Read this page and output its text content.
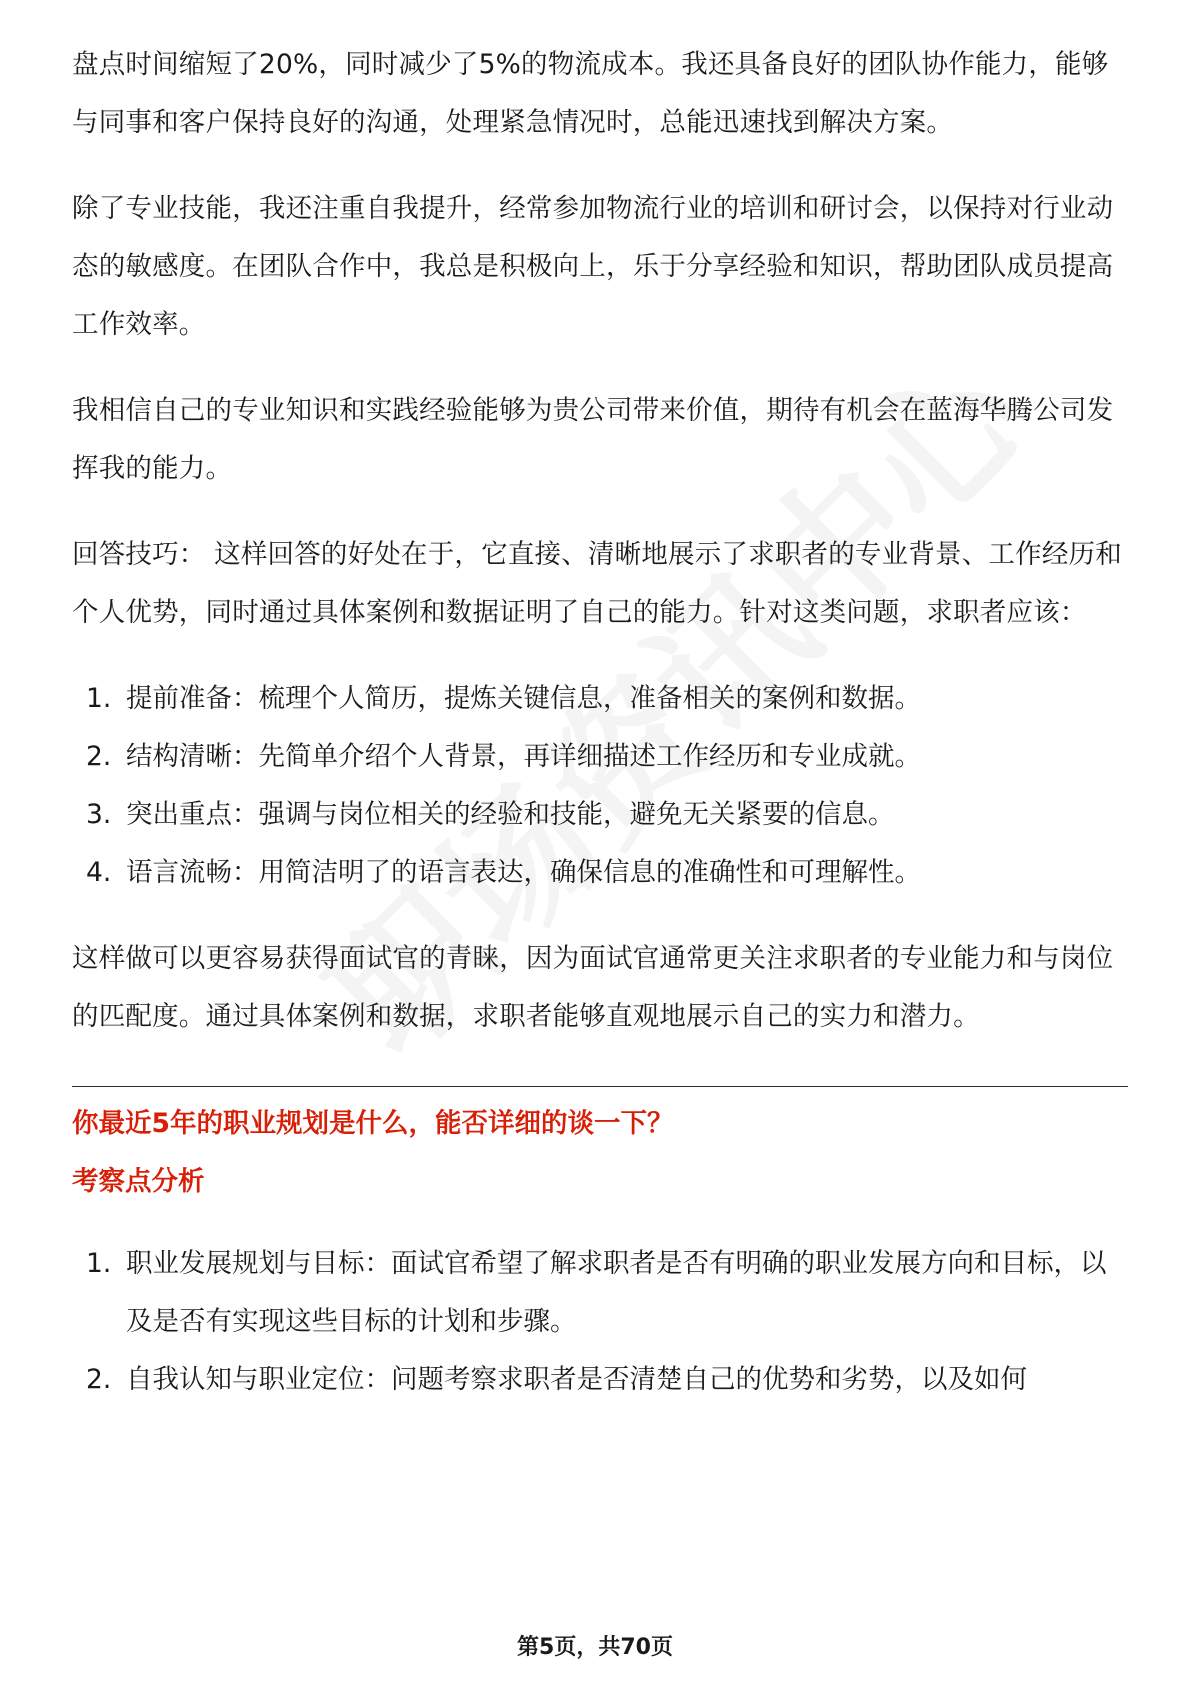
盘点时间缩短了20%，同时减少了5%的物流成本。我还具备良好的团队协作能力，能够与同事和客户保持良好的沟通，处理紧急情况时，总能迅速找到解决方案。

除了专业技能，我还注重自我提升，经常参加物流行业的培训和研讨会，以保持对行业动态的敏感度。在团队合作中，我总是积极向上，乐于分享经验和知识，帮助团队成员提高工作效率。

我相信自己的专业知识和实践经验能够为贵公司带来价值，期待有机会在蓝海华腾公司发挥我的能力。

回答技巧： 这样回答的好处在于，它直接、清晰地展示了求职者的专业背景、工作经历和个人优势，同时通过具体案例和数据证明了自己的能力。针对这类问题，求职者应该：

1. 提前准备：梳理个人简历，提炼关键信息，准备相关的案例和数据。
2. 结构清晰：先简单介绍个人背景，再详细描述工作经历和专业成就。
3. 突出重点：强调与岗位相关的经验和技能，避免无关紧要的信息。
4. 语言流畅：用简洁明了的语言表达，确保信息的准确性和可理解性。

这样做可以更容易获得面试官的青睐，因为面试官通常更关注求职者的专业能力和与岗位的匹配度。通过具体案例和数据，求职者能够直观地展示自己的实力和潜力。

你最近5年的职业规划是什么，能否详细的谈一下？

考察点分析

1. 职业发展规划与目标：面试官希望了解求职者是否有明确的职业发展方向和目标，以及是否有实现这些目标的计划和步骤。
2. 自我认知与职业定位：问题考察求职者是否清楚自己的优势和劣势，以及如何
第5页，共70页
